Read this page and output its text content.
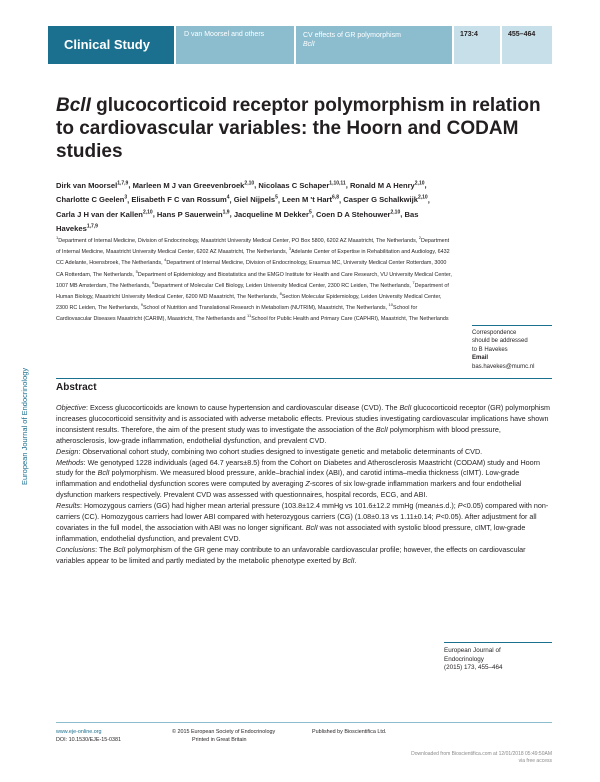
Clinical Study
D van Moorsel and others	CV effects of GR polymorphism
BclI
173:4	455–464
European Journal of Endocrinology
BclI glucocorticoid receptor polymorphism in relation to cardiovascular variables: the Hoorn and CODAM studies
Dirk van Moorsel$^{1,7,9}$, Marleen M J van Greevenbroek$^{2,10}$, Nicolaas C Schaper$^{1,10,11}$, Ronald M A Henry$^{2,10}$, Charlotte C Geelen$^3$, Elisabeth F C van Rossum$^4$, Giel Nijpels$^5$, Leen M 't Hart$^{6,8}$, Casper G Schalkwijk$^{2,10}$, Carla J H van der Kallen$^{2,10}$, Hans P Sauerwein$^{1,9}$, Jacqueline M Dekker$^5$, Coen D A Stehouwer$^{2,10}$, Bas Havekes$^{1,7,9}$
$^1$Department of Internal Medicine, Division of Endocrinology, Maastricht University Medical Center, PO Box 5800, 6202 AZ Maastricht, The Netherlands, $^2$Department of Internal Medicine, Maastricht University Medical Center, 6202 AZ Maastricht, The Netherlands, $^3$Adelante Center of Expertise in Rehabilitation and Audiology, 6432 CC Adelante, Hoensbroek, The Netherlands, $^4$Department of Internal Medicine, Division of Endocrinology, Erasmus MC, University Medical Center Rotterdam, 3000 CA Rotterdam, The Netherlands, $^5$Department of Epidemiology and Biostatistics and the EMGO Institute for Health and Care Research, VU University Medical Center, 1007 MB Amsterdam, The Netherlands, $^6$Department of Molecular Cell Biology, Leiden University Medical Center, 2300 RC Leiden, The Netherlands, $^7$Department of Human Biology, Maastricht University Medical Center, 6200 MD Maastricht, The Netherlands, $^8$Section Molecular Epidemiology, Leiden University Medical Center, 2300 RC Leiden, The Netherlands, $^9$School of Nutrition and Translational Research in Metabolism (NUTRIM), Maastricht, The Netherlands, $^{10}$School for Cardiovascular Diseases Maastricht (CARIM), Maastricht, The Netherlands and $^{11}$School for Public Health and Primary Care (CAPHRI), Maastricht, The Netherlands
Correspondence
should be addressed
to B Havekes
Email
bas.havekes@mumc.nl
Abstract

Objective: Excess glucocorticoids are known to cause hypertension and cardiovascular disease (CVD). The BclI glucocorticoid receptor (GR) polymorphism increases glucocorticoid sensitivity and is associated with adverse metabolic effects. Previous studies investigating cardiovascular implications have shown inconsistent results. Therefore, the aim of the present study was to investigate the association of the BclI polymorphism with blood pressure, atherosclerosis, low-grade inflammation, endothelial dysfunction, and prevalent CVD.

Design: Observational cohort study, combining two cohort studies designed to investigate genetic and metabolic determinants of CVD.

Methods: We genotyped 1228 individuals (aged 64.7 years±8.5) from the Cohort on Diabetes and Atherosclerosis Maastricht (CODAM) study and Hoorn study for the BclI polymorphism. We measured blood pressure, ankle–brachial index (ABI), and carotid intima–media thickness (cIMT). Low-grade inflammation and endothelial dysfunction scores were computed by averaging Z-scores of six low-grade inflammation markers and four endothelial dysfunction markers respectively. Prevalent CVD was assessed with questionnaires, hospital records, ECG, and ABI.

Results: Homozygous carriers (GG) had higher mean arterial pressure (103.8±12.4 mmHg vs 101.6±12.2 mmHg (mean±s.d.); P<0.05) compared with non-carriers (CC). Homozygous carriers had lower ABI compared with heterozygous carriers (CG) (1.08±0.13 vs 1.11±0.14; P<0.05). After adjustment for all covariates in the full model, the association with ABI was no longer significant. BclI was not associated with systolic blood pressure, cIMT, low-grade inflammation, endothelial dysfunction, and prevalent CVD.

Conclusions: The BclI polymorphism of the GR gene may contribute to an unfavorable cardiovascular profile; however, the effects on cardiovascular variables appear to be limited and partly mediated by the metabolic phenotype exerted by BclI.

European Journal of
Endocrinology
(2015) 173, 455–464
www.eje-online.org
DOI: 10.1530/EJE-15-0381
© 2015 European Society of Endocrinology
Printed in Great Britain
Published by Bioscientifica Ltd.
Downloaded from Bioscientifica.com at 12/01/2018 05:49:50AM
via free access
